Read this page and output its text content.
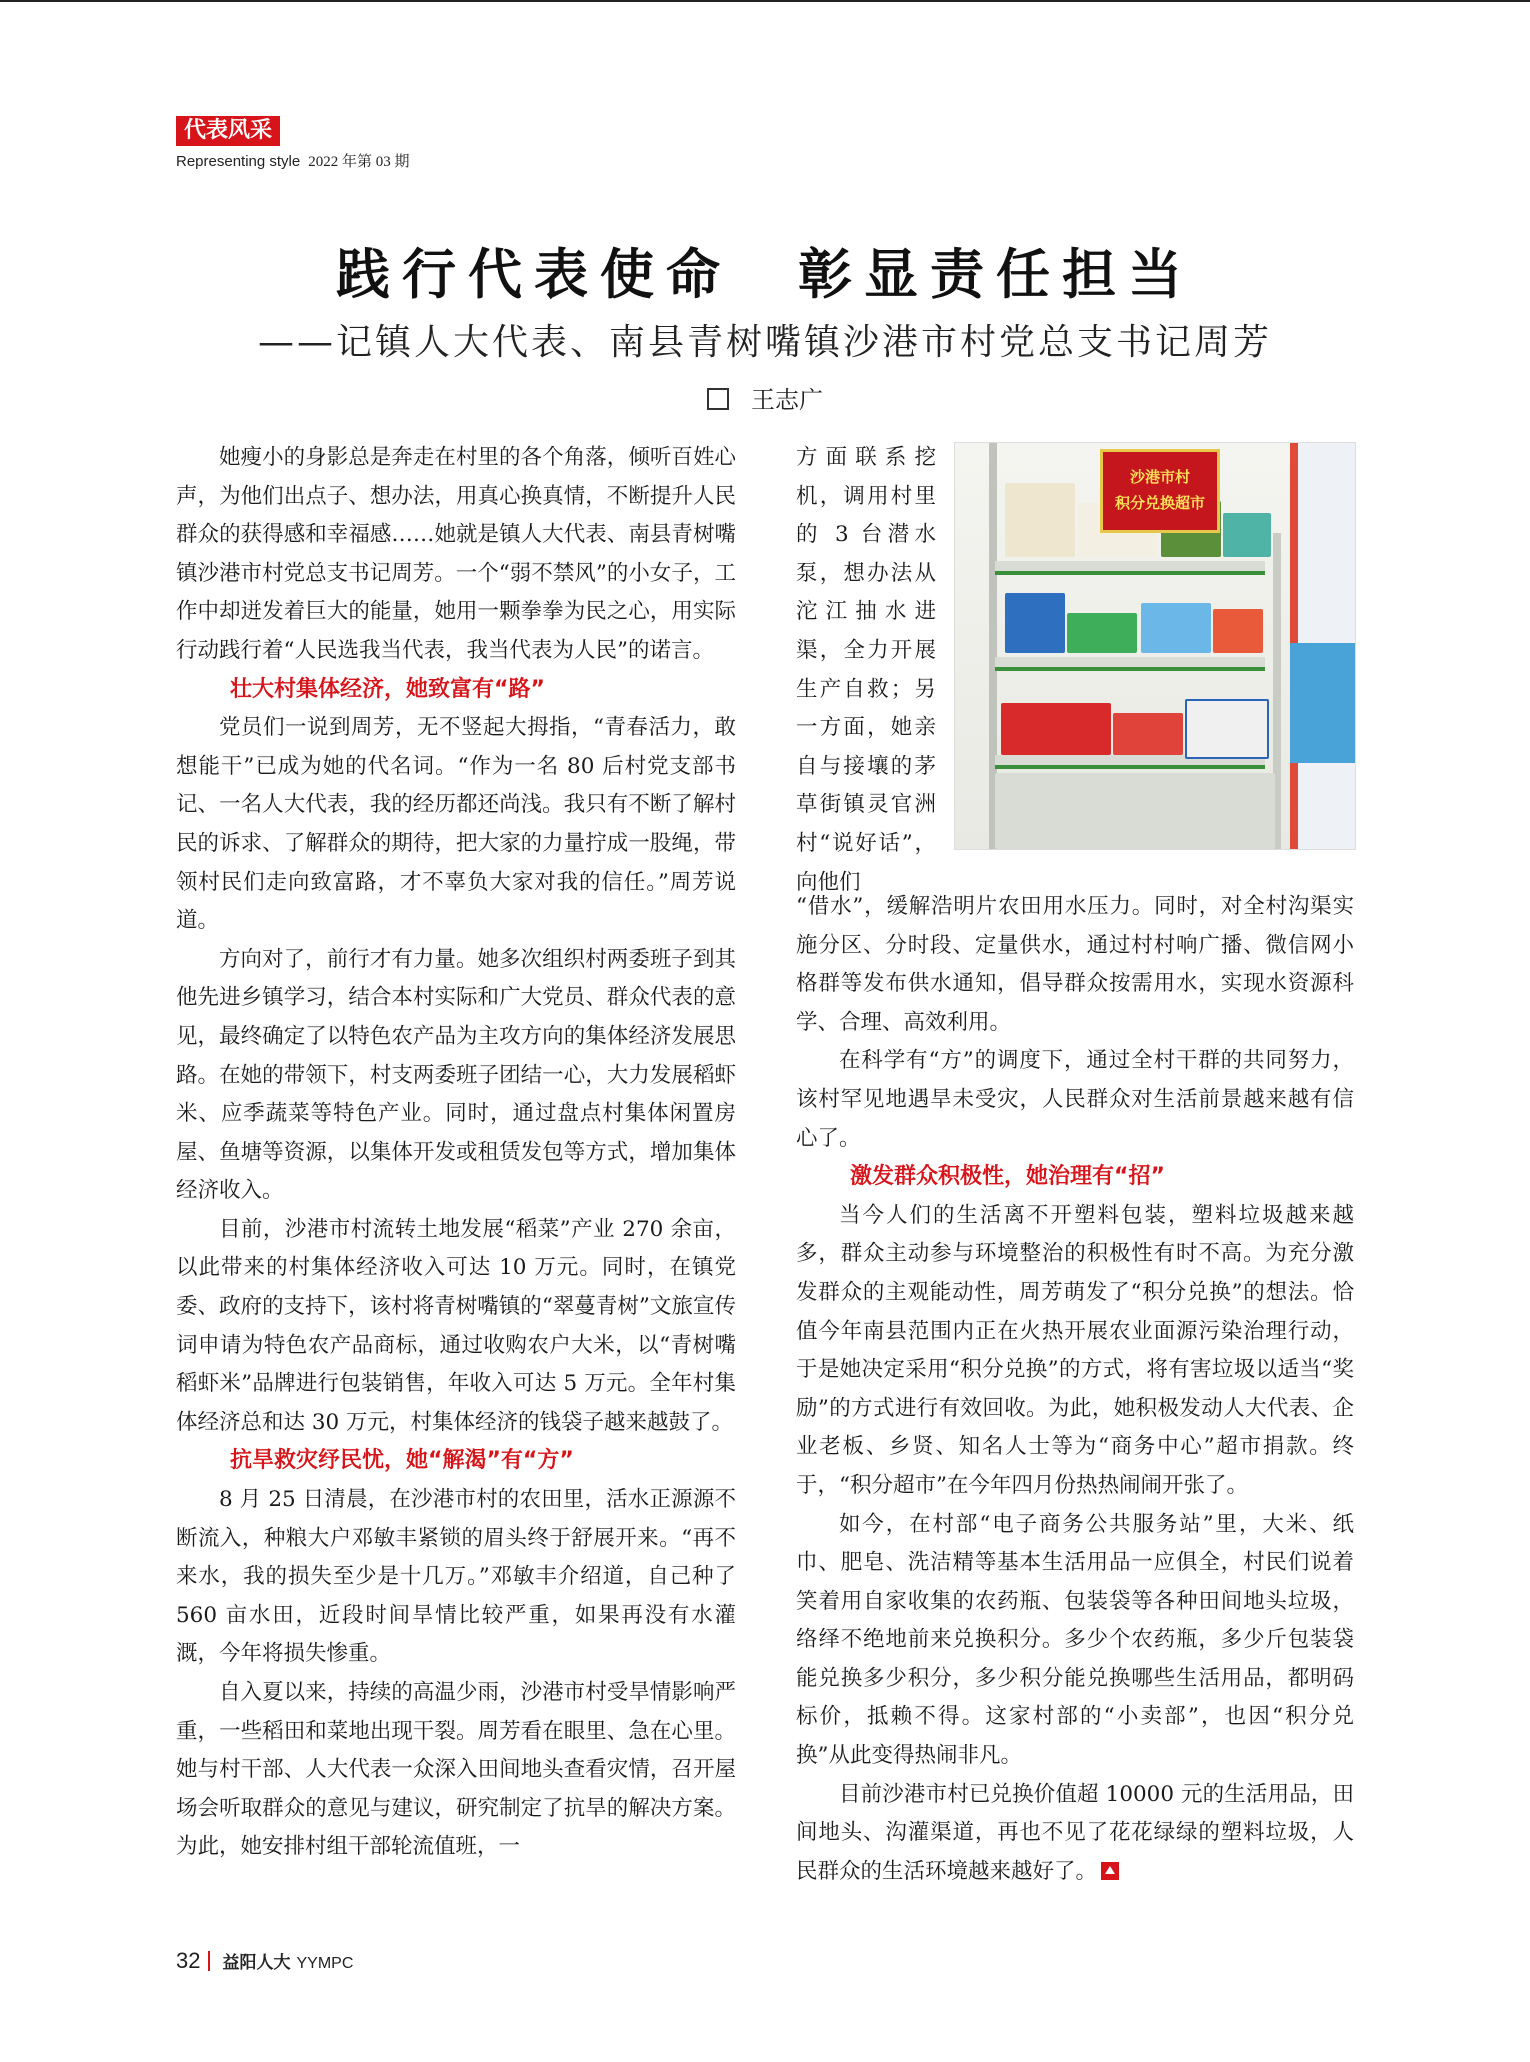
代表风采
Representing style 2022 年第 03 期
践行代表使命　彰显责任担当
——记镇人大代表、南县青树嘴镇沙港市村党总支书记周芳
王志广

她瘦小的身影总是奔走在村里的各个角落，倾听百姓心声，为他们出点子、想办法，用真心换真情，不断提升人民群众的获得感和幸福感……她就是镇人大代表、南县青树嘴镇沙港市村党总支书记周芳。一个“弱不禁风”的小女子，工作中却迸发着巨大的能量，她用一颗拳拳为民之心，用实际行动践行着“人民选我当代表，我当代表为人民”的诺言。

壮大村集体经济，她致富有“路”

党员们一说到周芳，无不竖起大拇指，“青春活力，敢想能干”已成为她的代名词。“作为一名 80 后村党支部书记、一名人大代表，我的经历都还尚浅。我只有不断了解村民的诉求、了解群众的期待，把大家的力量拧成一股绳，带领村民们走向致富路，才不辜负大家对我的信任。”周芳说道。

方向对了，前行才有力量。她多次组织村两委班子到其他先进乡镇学习，结合本村实际和广大党员、群众代表的意见，最终确定了以特色农产品为主攻方向的集体经济发展思路。在她的带领下，村支两委班子团结一心，大力发展稻虾米、应季蔬菜等特色产业。同时，通过盘点村集体闲置房屋、鱼塘等资源，以集体开发或租赁发包等方式，增加集体经济收入。

目前，沙港市村流转土地发展“稻菜”产业 270 余亩，以此带来的村集体经济收入可达 10 万元。同时，在镇党委、政府的支持下，该村将青树嘴镇的“翠蔓青树”文旅宣传词申请为特色农产品商标，通过收购农户大米，以“青树嘴稻虾米”品牌进行包装销售，年收入可达 5 万元。全年村集体经济总和达 30 万元，村集体经济的钱袋子越来越鼓了。

抗旱救灾纾民忧，她“解渴”有“方”

8 月 25 日清晨，在沙港市村的农田里，活水正源源不断流入，种粮大户邓敏丰紧锁的眉头终于舒展开来。“再不来水，我的损失至少是十几万。”邓敏丰介绍道，自己种了 560 亩水田，近段时间旱情比较严重，如果再没有水灌溉，今年将损失惨重。

自入夏以来，持续的高温少雨，沙港市村受旱情影响严重，一些稻田和菜地出现干裂。周芳看在眼里、急在心里。她与村干部、人大代表一众深入田间地头查看灾情，召开屋场会听取群众的意见与建议，研究制定了抗旱的解决方案。为此，她安排村组干部轮流值班，一

方面联系挖机，调用村里的 3 台潜水泵，想办法从沱江抽水进渠，全力开展生产自救；另一方面，她亲自与接壤的茅草街镇灵官洲村“说好话”，向他们

沙港市村
积分兑换超市

“借水”，缓解浩明片农田用水压力。同时，对全村沟渠实施分区、分时段、定量供水，通过村村响广播、微信网小格群等发布供水通知，倡导群众按需用水，实现水资源科学、合理、高效利用。

在科学有“方”的调度下，通过全村干群的共同努力，该村罕见地遇旱未受灾，人民群众对生活前景越来越有信心了。

激发群众积极性，她治理有“招”

当今人们的生活离不开塑料包装，塑料垃圾越来越多，群众主动参与环境整治的积极性有时不高。为充分激发群众的主观能动性，周芳萌发了“积分兑换”的想法。恰值今年南县范围内正在火热开展农业面源污染治理行动，于是她决定采用“积分兑换”的方式，将有害垃圾以适当“奖励”的方式进行有效回收。为此，她积极发动人大代表、企业老板、乡贤、知名人士等为“商务中心”超市捐款。终于，“积分超市”在今年四月份热热闹闹开张了。

如今，在村部“电子商务公共服务站”里，大米、纸巾、肥皂、洗洁精等基本生活用品一应俱全，村民们说着笑着用自家收集的农药瓶、包装袋等各种田间地头垃圾，络绎不绝地前来兑换积分。多少个农药瓶，多少斤包装袋能兑换多少积分，多少积分能兑换哪些生活用品，都明码标价，抵赖不得。这家村部的“小卖部”，也因“积分兑换”从此变得热闹非凡。

目前沙港市村已兑换价值超 10000 元的生活用品，田间地头、沟灌渠道，再也不见了花花绿绿的塑料垃圾，人民群众的生活环境越来越好了。

32 益阳人大 YYMPC
